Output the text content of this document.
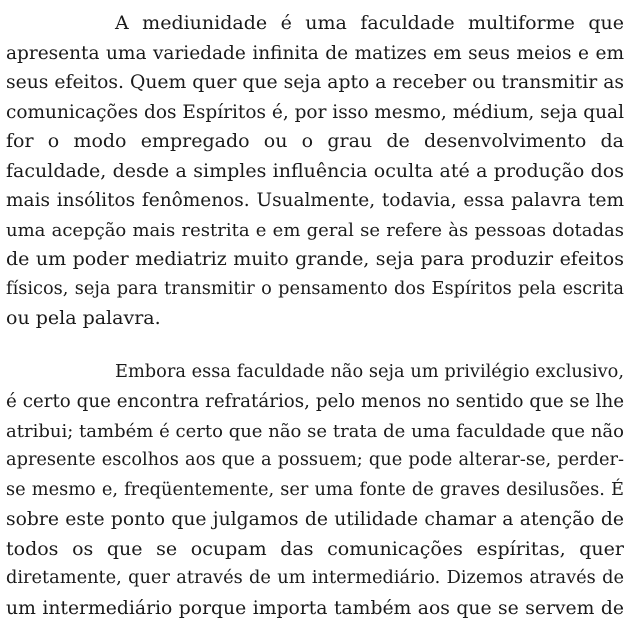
A mediunidade é uma faculdade multiforme que
apresenta uma variedade infinita de matizes em seus meios e em
seus efeitos. Quem quer que seja apto a receber ou transmitir as
comunicações dos Espíritos é, por isso mesmo, médium, seja qual
for o modo empregado ou o grau de desenvolvimento da
faculdade, desde a simples influência oculta até a produção dos
mais insólitos fenômenos. Usualmente, todavia, essa palavra tem
uma acepção mais restrita e em geral se refere às pessoas dotadas
de um poder mediatriz muito grande, seja para produzir efeitos
físicos, seja para transmitir o pensamento dos Espíritos pela escrita
ou pela palavra.
Embora essa faculdade não seja um privilégio exclusivo,
é certo que encontra refratários, pelo menos no sentido que se lhe
atribui; também é certo que não se trata de uma faculdade que não
apresente escolhos aos que a possuem; que pode alterar-se, perder-
se mesmo e, freqüentemente, ser uma fonte de graves desilusões. É
sobre este ponto que julgamos de utilidade chamar a atenção de
todos os que se ocupam das comunicações espíritas, quer
diretamente, quer através de um intermediário. Dizemos através de
um intermediário porque importa também aos que se servem de
